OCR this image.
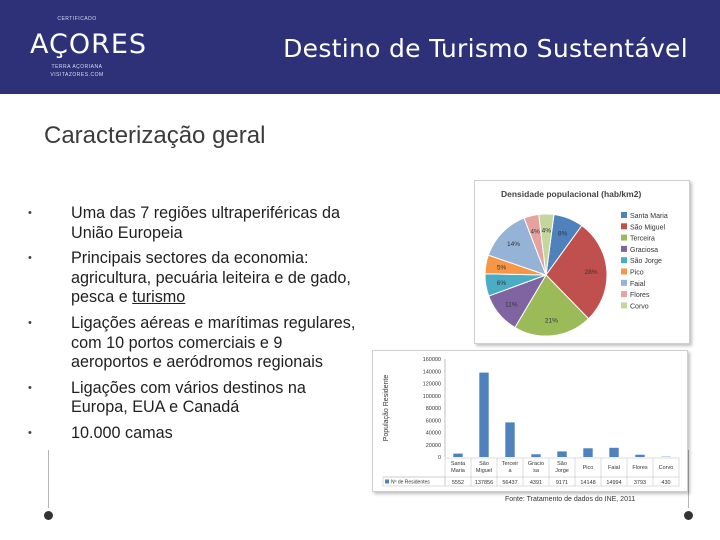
CERTIFICADO
AÇORES
TERRA AÇORIANA
VISITAZORES.COM
Destino de Turismo Sustentável
Caracterização geral
• Uma das 7 regiões ultraperiféricas da União Europeia
• Principais sectores da economia: agricultura, pecuária leiteira e de gado, pesca e turismo
• Ligações aéreas e marítimas regulares, com 10 portos comerciais e 9 aeroportos e aeródromos regionais
• Ligações com vários destinos na Europa, EUA e Canadá
• 10.000 camas
Densidade populacional (hab/km2)
8%
28%
21%
11%
6%
5%
14%
4% 4%
Santa Maria
São Miguel
Terceira
Graciosa
São Jorge
Pico
Faial
Flores
Corvo
População Residente
160000
140000
120000
100000
80000
60000
40000
20000
0
Santa
Maria
5552
São
Miguel
137856
Terceir
a
56437
Gracio
sa
4391
São
Jorge
9171
Pico
14148
Faial
14994
Flores
3793
Corvo
430
Nº de Residentes
Fonte: Tratamento de dados do INE, 2011
